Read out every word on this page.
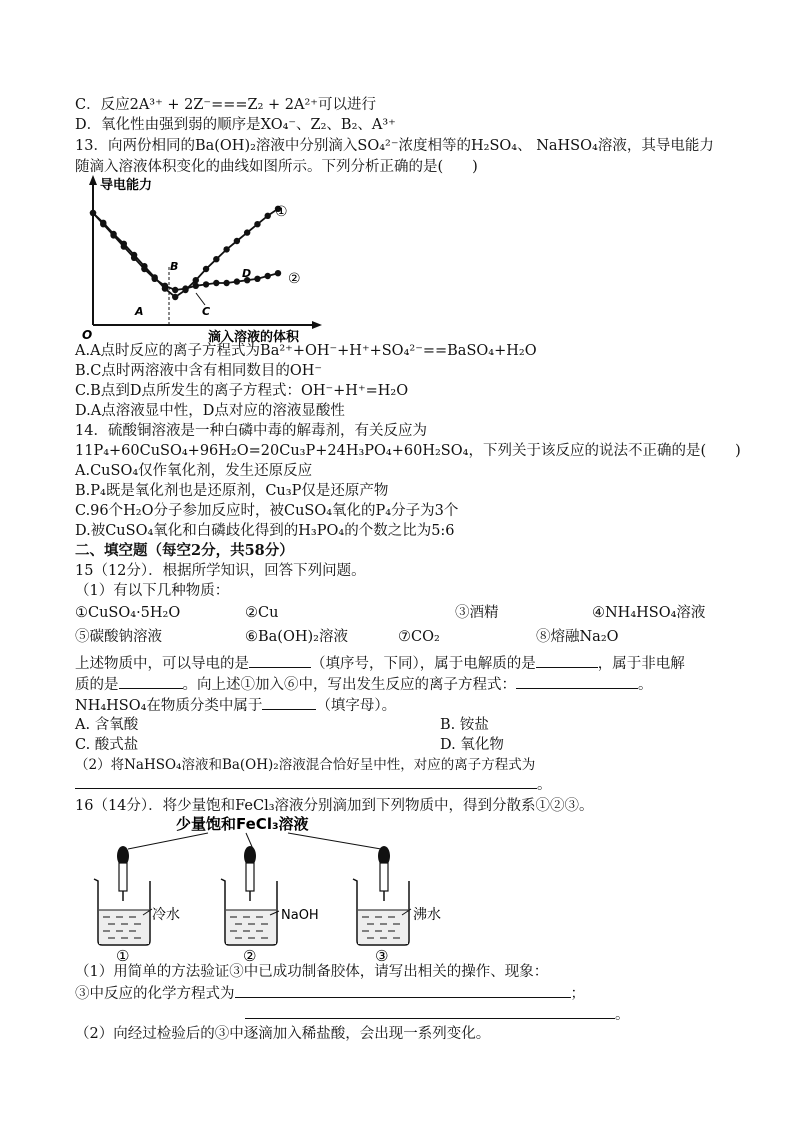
C．反应2A³⁺ + 2Z⁻===Z₂ + 2A²⁺可以进行
D．氧化性由强到弱的顺序是XO₄⁻、Z₂、B₂、A³⁺
13．向两份相同的Ba(OH)₂溶液中分别滴入SO₄²⁻浓度相等的H₂SO₄、 NaHSO₄溶液，其导电能力
随滴入溶液体积变化的曲线如图所示。下列分析正确的是(　　)
导电能力
滴入溶液的体积
O
A
B
C
D
①
②
A.A点时反应的离子方程式为Ba²⁺+OH⁻+H⁺+SO₄²⁻==BaSO₄+H₂O
B.C点时两溶液中含有相同数目的OH⁻
C.B点到D点所发生的离子方程式：OH⁻+H⁺=H₂O
D.A点溶液显中性，D点对应的溶液显酸性
14．硫酸铜溶液是一种白磷中毒的解毒剂，有关反应为
11P₄+60CuSO₄+96H₂O=20Cu₃P+24H₃PO₄+60H₂SO₄，下列关于该反应的说法不正确的是(　　)
A.CuSO₄仅作氧化剂，发生还原反应
B.P₄既是氧化剂也是还原剂，Cu₃P仅是还原产物
C.96个H₂O分子参加反应时，被CuSO₄氧化的P₄分子为3个
D.被CuSO₄氧化和白磷歧化得到的H₃PO₄的个数之比为5:6
二、填空题（每空2分，共58分）
15（12分）．根据所学知识，回答下列问题。
（1）有以下几种物质：
①CuSO₄·5H₂O	②Cu	③酒精	④NH₄HSO₄溶液
⑤碳酸钠溶液	⑥Ba(OH)₂溶液	⑦CO₂	⑧熔融Na₂O
上述物质中，可以导电的是	（填序号，下同），属于电解质的是	，属于非电解
质的是	。向上述①加入⑥中，写出发生反应的离子方程式：	。
NH₄HSO₄在物质分类中属于	（填字母）。
A. 含氧酸	B. 铵盐
C. 酸式盐	D. 氧化物
（2）将NaHSO₄溶液和Ba(OH)₂溶液混合恰好呈中性，对应的离子方程式为
。
16（14分）．将少量饱和FeCl₃溶液分别滴加到下列物质中，得到分散系①②③。
少量饱和FeCl₃溶液
冷水
①
NaOH
②
沸水
③
（1）用简单的方法验证③中已成功制备胶体，请写出相关的操作、现象：
③中反应的化学方程式为	；
。
（2）向经过检验后的③中逐滴加入稀盐酸，会出现一系列变化。
